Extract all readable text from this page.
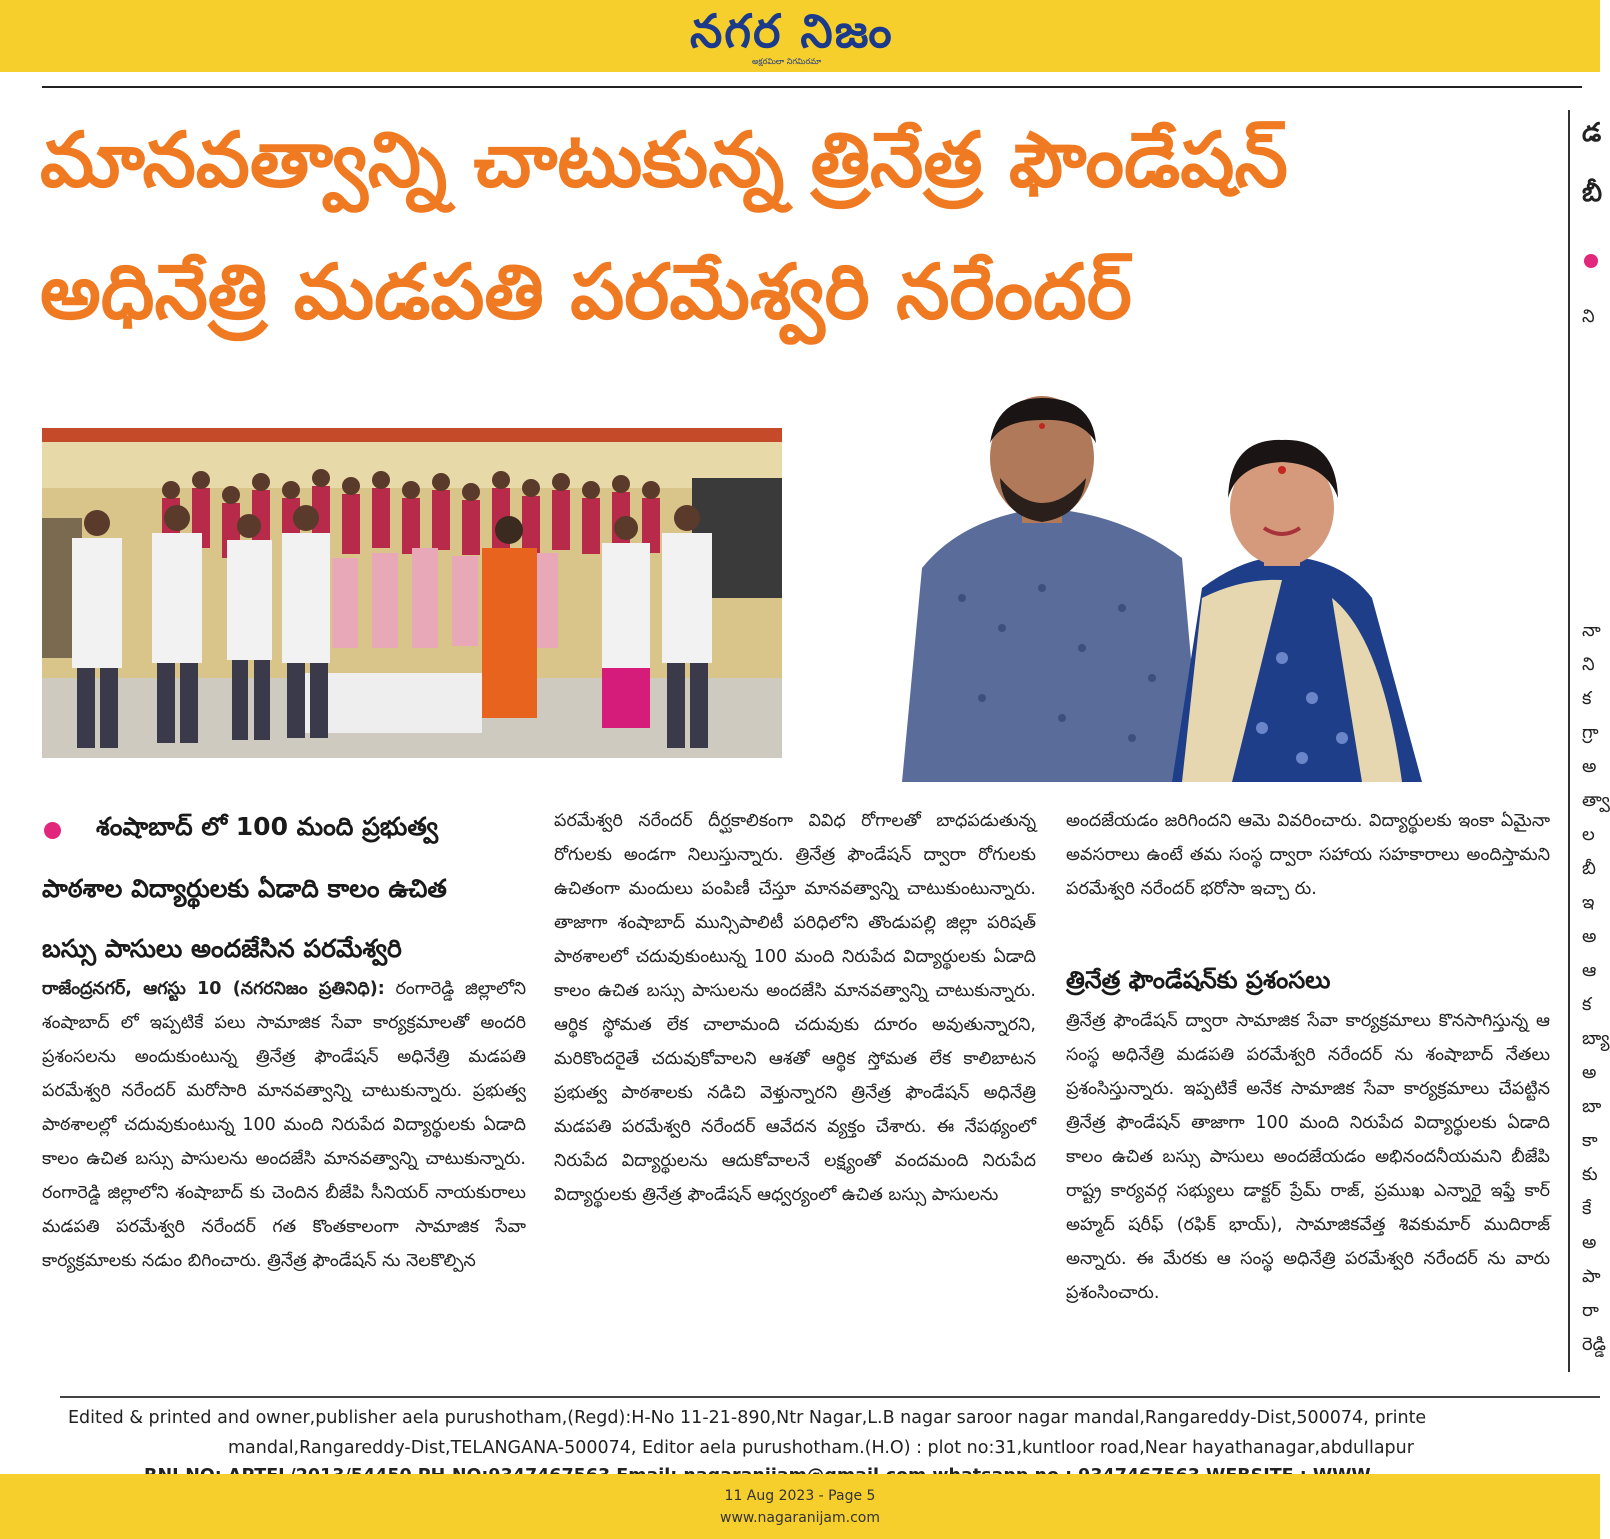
నగర నిజం
అక్షరమిలా నిగమిరమా
మానవత్వాన్ని చాటుకున్న త్రినేత్ర ఫౌండేషన్
అధినేత్రి మడపతి పరమేశ్వరి నరేందర్
శంషాబాద్ లో 100 మంది ప్రభుత్వ
పాఠశాల విద్యార్థులకు ఏడాది కాలం ఉచిత
బస్సు పాసులు అందజేసిన పరమేశ్వరి
రాజేంద్రనగర్, ఆగస్టు 10 (నగరనిజం ప్రతినిధి): రంగారెడ్డి జిల్లాలోని శంషాబాద్ లో ఇప్పటికే పలు సామాజిక సేవా కార్యక్రమాలతో అందరి ప్రశంసలను అందుకుంటున్న త్రినేత్ర ఫౌండేషన్ అధినేత్రి మడపతి పరమేశ్వరి నరేందర్ మరోసారి మానవత్వాన్ని చాటుకున్నారు. ప్రభుత్వ పాఠశాలల్లో చదువుకుంటున్న 100 మంది నిరుపేద విద్యార్థులకు ఏడాది కాలం ఉచిత బస్సు పాసులను అందజేసి మానవత్వాన్ని చాటుకున్నారు. రంగారెడ్డి జిల్లాలోని శంషాబాద్ కు చెందిన బీజేపి సీనియర్ నాయకురాలు మడపతి పరమేశ్వరి నరేందర్ గత కొంతకాలంగా సామాజిక సేవా కార్యక్రమాలకు నడుం బిగించారు. త్రినేత్ర ఫౌండేషన్ ను నెలకొల్పిన
పరమేశ్వరి నరేందర్ దీర్ఘకాలికంగా వివిధ రోగాలతో బాధపడుతున్న రోగులకు అండగా నిలుస్తున్నారు. త్రినేత్ర ఫౌండేషన్ ద్వారా రోగులకు ఉచితంగా మందులు పంపిణీ చేస్తూ మానవత్వాన్ని చాటుకుంటున్నారు. తాజాగా శంషాబాద్ మున్సిపాలిటీ పరిధిలోని తొండుపల్లి జిల్లా పరిషత్ పాఠశాలలో చదువుకుంటున్న 100 మంది నిరుపేద విద్యార్థులకు ఏడాది కాలం ఉచిత బస్సు పాసులను అందజేసి మానవత్వాన్ని చాటుకున్నారు. ఆర్థిక స్థోమత లేక చాలామంది చదువుకు దూరం అవుతున్నారని, మరికొందరైతే చదువుకోవాలని ఆశతో ఆర్థిక స్తోమత లేక కాలిబాటన ప్రభుత్వ పాఠశాలకు నడిచి వెళ్తున్నారని త్రినేత్ర ఫౌండేషన్ అధినేత్రి మడపతి పరమేశ్వరి నరేందర్ ఆవేదన వ్యక్తం చేశారు. ఈ నేపథ్యంలో నిరుపేద విద్యార్థులను ఆదుకోవాలనే లక్ష్యంతో వందమంది నిరుపేద విద్యార్థులకు త్రినేత్ర ఫౌండేషన్ ఆధ్వర్యంలో ఉచిత బస్సు పాసులను
అందజేయడం జరిగిందని ఆమె వివరించారు. విద్యార్థులకు ఇంకా ఏమైనా అవసరాలు ఉంటే తమ సంస్థ ద్వారా సహాయ సహకారాలు అందిస్తామని పరమేశ్వరి నరేందర్ భరోసా ఇచ్చా రు.
త్రినేత్ర ఫౌండేషన్‌కు ప్రశంసలు
త్రినేత్ర ఫౌండేషన్ ద్వారా సామాజిక సేవా కార్యక్రమాలు కొనసాగిస్తున్న ఆ సంస్థ అధినేత్రి మడపతి పరమేశ్వరి నరేందర్ ను శంషాబాద్ నేతలు ప్రశంసిస్తున్నారు. ఇప్పటికే అనేక సామాజిక సేవా కార్యక్రమాలు చేపట్టిన త్రినేత్ర ఫౌండేషన్ తాజాగా 100 మంది నిరుపేద విద్యార్థులకు ఏడాది కాలం ఉచిత బస్సు పాసులు అందజేయడం అభినందనీయమని బీజేపి రాష్ట్ర కార్యవర్గ సభ్యులు డాక్టర్ ప్రేమ్ రాజ్, ప్రముఖ ఎన్నారై ఇఫ్తే కార్ అహ్మద్ షరీఫ్ (రఫిక్ భాయ్), సామాజికవేత్త శివకుమార్ ముదిరాజ్ అన్నారు. ఈ మేరకు ఆ సంస్థ అధినేత్రి పరమేశ్వరి నరేందర్ ను వారు ప్రశంసించారు.
డ
బీ
ని
నా
ని
క
గ్రా
అ
త్వా
ల
బీ
ఇ
అ
ఆ
క
బ్యా
అ
బా
కా
కు
కే
అ
పా
రా
రెడ్డి
Edited & printed and owner,publisher aela purushotham,(Regd):H-No 11-21-890,Ntr Nagar,L.B nagar saroor nagar mandal,Rangareddy-Dist,500074, printe
mandal,Rangareddy-Dist,TELANGANA-500074, Editor aela purushotham.(H.O) : plot no:31,kuntloor road,Near hayathanagar,abdullapur
11 Aug 2023 - Page 5
www.nagaranijam.com
